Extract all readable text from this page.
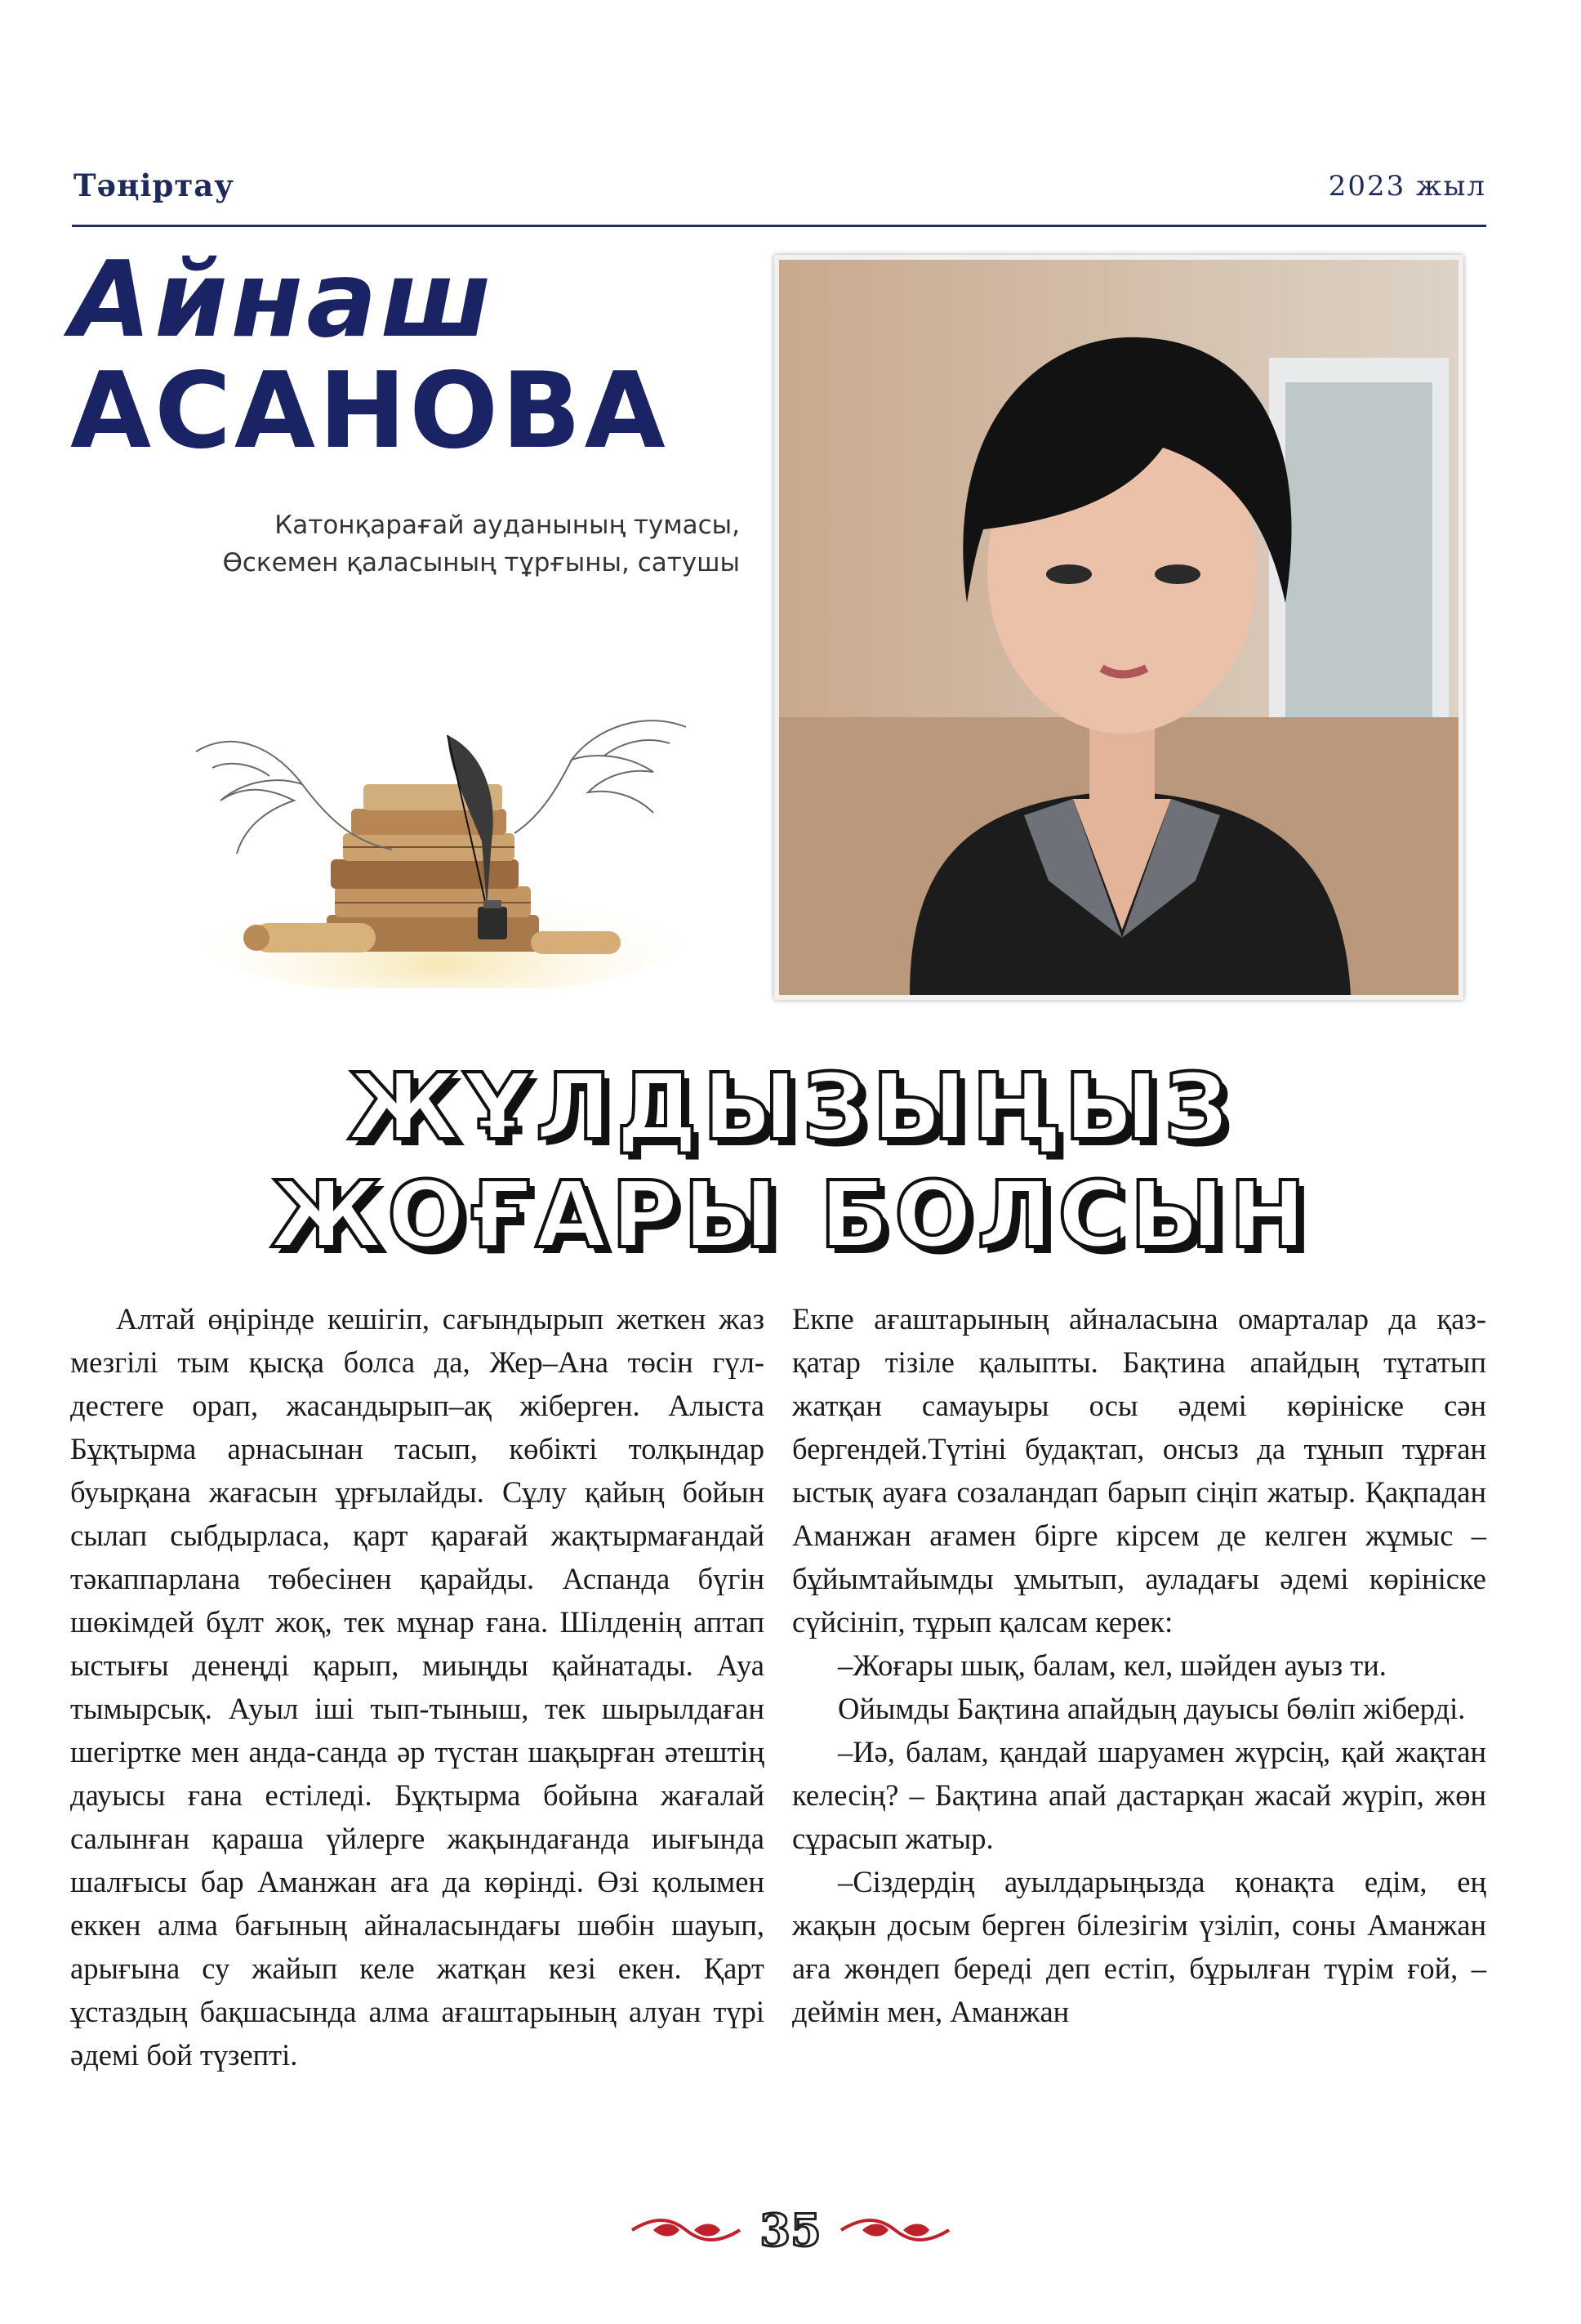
Тәңіртау	2023 жыл
Айнаш
АСАНОВА
Катонқарағай ауданының тумасы,
Өскемен қаласының тұрғыны, сатушы
ЖҰЛДЫЗЫҢЫЗ
ЖОҒАРЫ БОЛСЫН

Алтай өңірінде кешігіп, сағындырып жеткен жаз мезгілі тым қысқа болса да, Жер–Ана төсін гүл-дестеге орап, жасандырып–ақ жіберген. Алыста Бұқтырма арнасынан тасып, көбікті толқындар буырқана жағасын ұрғылайды. Сұлу қайың бойын сылап сыбдырласа, қарт қарағай жақтырмағандай тәкаппарлана төбесінен қарайды. Аспанда бүгін шөкімдей бұлт жоқ, тек мұнар ғана. Шілденің аптап ыстығы денеңді қарып, миыңды қайнатады. Ауа тымырсық. Ауыл іші тып-тыныш, тек шырылдаған шегіртке мен анда-санда әр түстан шақырған әтештің дауысы ғана естіледі. Бұқтырма бойына жағалай салынған қараша үйлерге жақындағанда иығында шалғысы бар Аманжан аға да көрінді. Өзі қолымен еккен алма бағының айналасындағы шөбін шауып, арығына су жайып келе жатқан кезі екен. Қарт ұстаздың бақшасында алма ағаштарының алуан түрі әдемі бой түзепті.

Екпе ағаштарының айналасына омарталар да қаз-қатар тізіле қалыпты. Бақтина апайдың тұтатып жатқан самауыры осы әдемі көрініске сән бергендей.Түтіні будақтап, онсыз да тұнып тұрған ыстық ауаға созаландап барып сіңіп жатыр. Қақпадан Аманжан ағамен бірге кірсем де келген жұмыс – бұйымтайымды ұмытып, ауладағы әдемі көрініске сүйсініп, тұрып қалсам керек:

–Жоғары шық, балам, кел, шәйден ауыз ти.

Ойымды Бақтина апайдың дауысы бөліп жіберді.

–Иә, балам, қандай шаруамен жүрсің, қай жақтан келесің? – Бақтина апай дастарқан жасай жүріп, жөн сұрасып жатыр.

–Сіздердің ауылдарыңызда қонақта едім, ең жақын досым берген білезігім үзіліп, соны Аманжан аға жөндеп береді деп естіп, бұрылған түрім ғой, – деймін мен, Аманжан

35
